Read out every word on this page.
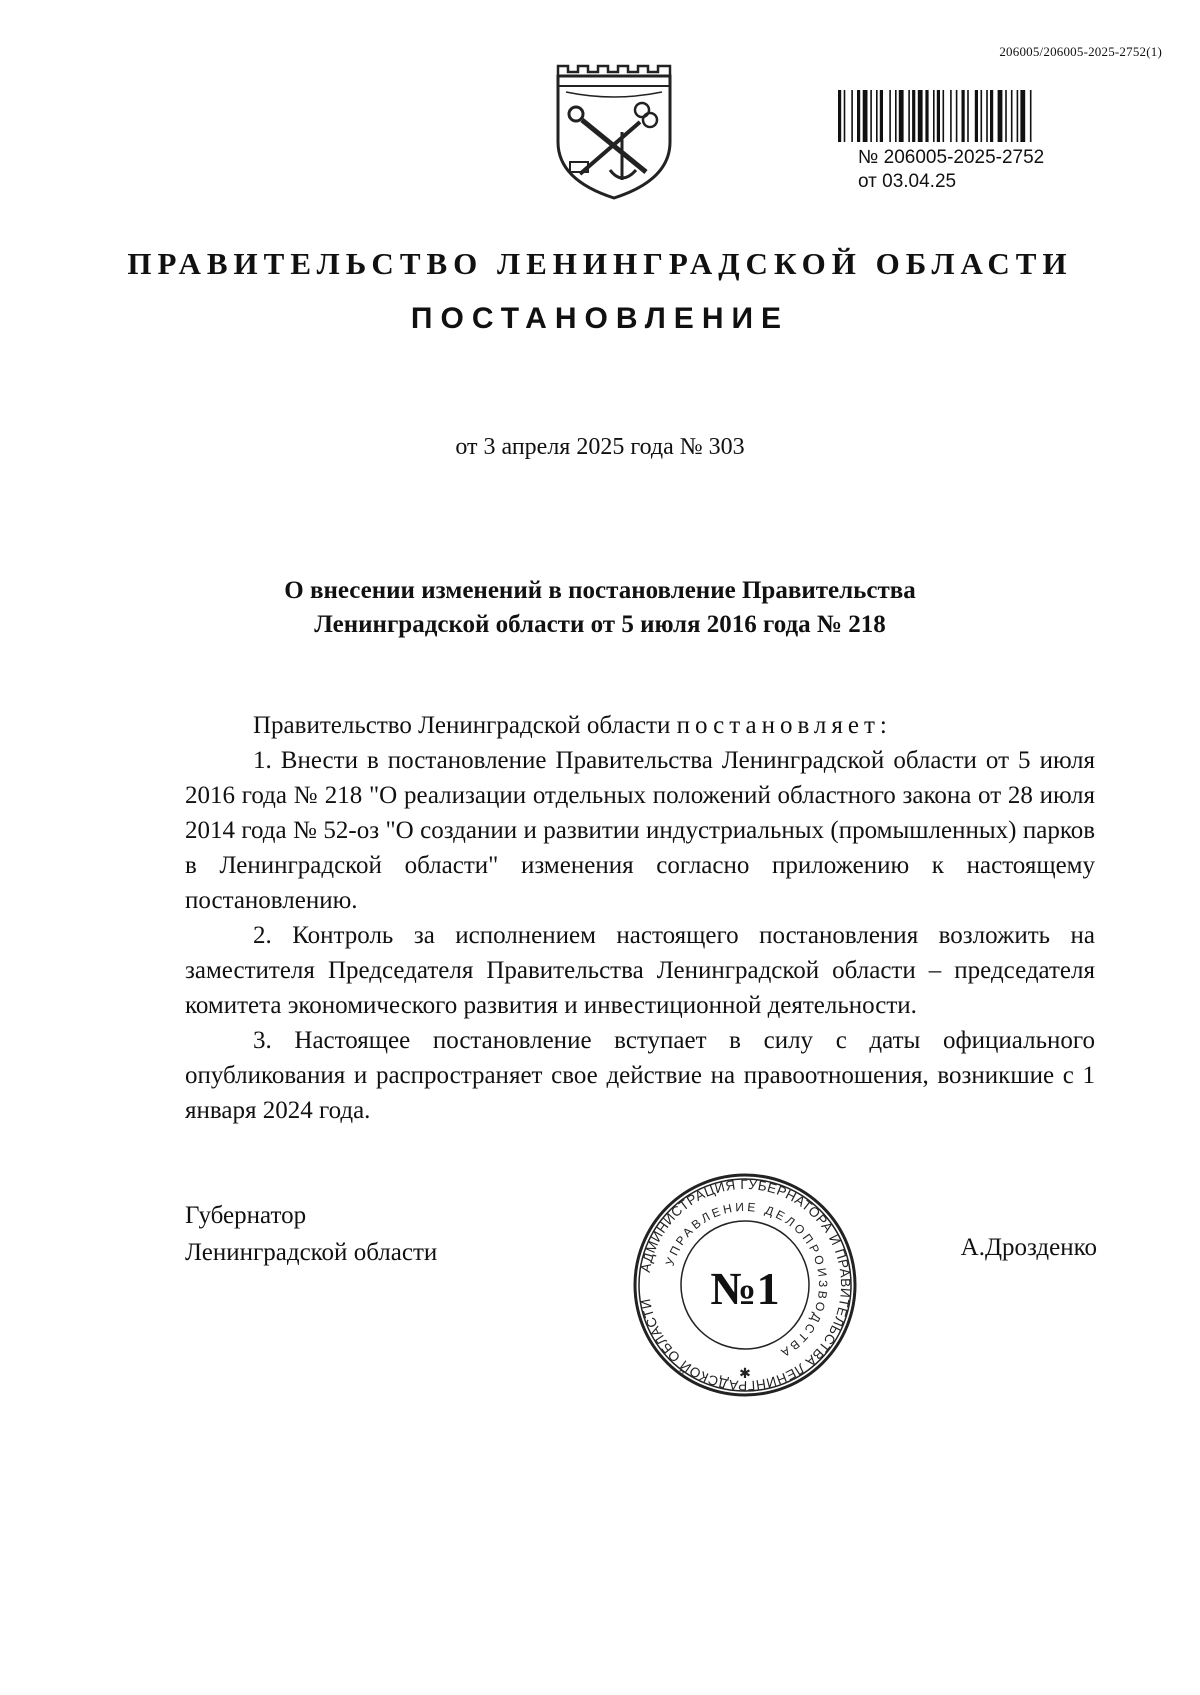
206005/206005-2025-2752(1)
№ 206005-2025-2752
от 03.04.25
ПРАВИТЕЛЬСТВО ЛЕНИНГРАДСКОЙ ОБЛАСТИ
ПОСТАНОВЛЕНИЕ
от 3 апреля 2025 года № 303
О внесении изменений в постановление Правительства
Ленинградской области от 5 июля 2016 года № 218

Правительство Ленинградской области постановляет:

1. Внести в постановление Правительства Ленинградской области от 5 июля 2016 года № 218 "О реализации отдельных положений областного закона от 28 июля 2014 года № 52-оз "О создании и развитии индустриальных (промышленных) парков в Ленинградской области" изменения согласно приложению к настоящему постановлению.

2. Контроль за исполнением настоящего постановления возложить на заместителя Председателя Правительства Ленинградской области – председателя комитета экономического развития и инвестиционной деятельности.

3. Настоящее постановление вступает в силу с даты официального опубликования и распространяет свое действие на правоотношения, возникшие с 1 января 2024 года.

Губернатор
Ленинградской области	А.Дрозденко
АДМИНИСТРАЦИЯ ГУБЕРНАТОРА И ПРАВИТЕЛЬСТВА ЛЕНИНГРАДСКОЙ ОБЛАСТИ
УПРАВЛЕНИЕ ДЕЛОПРОИЗВОДСТВА
№1
✱
